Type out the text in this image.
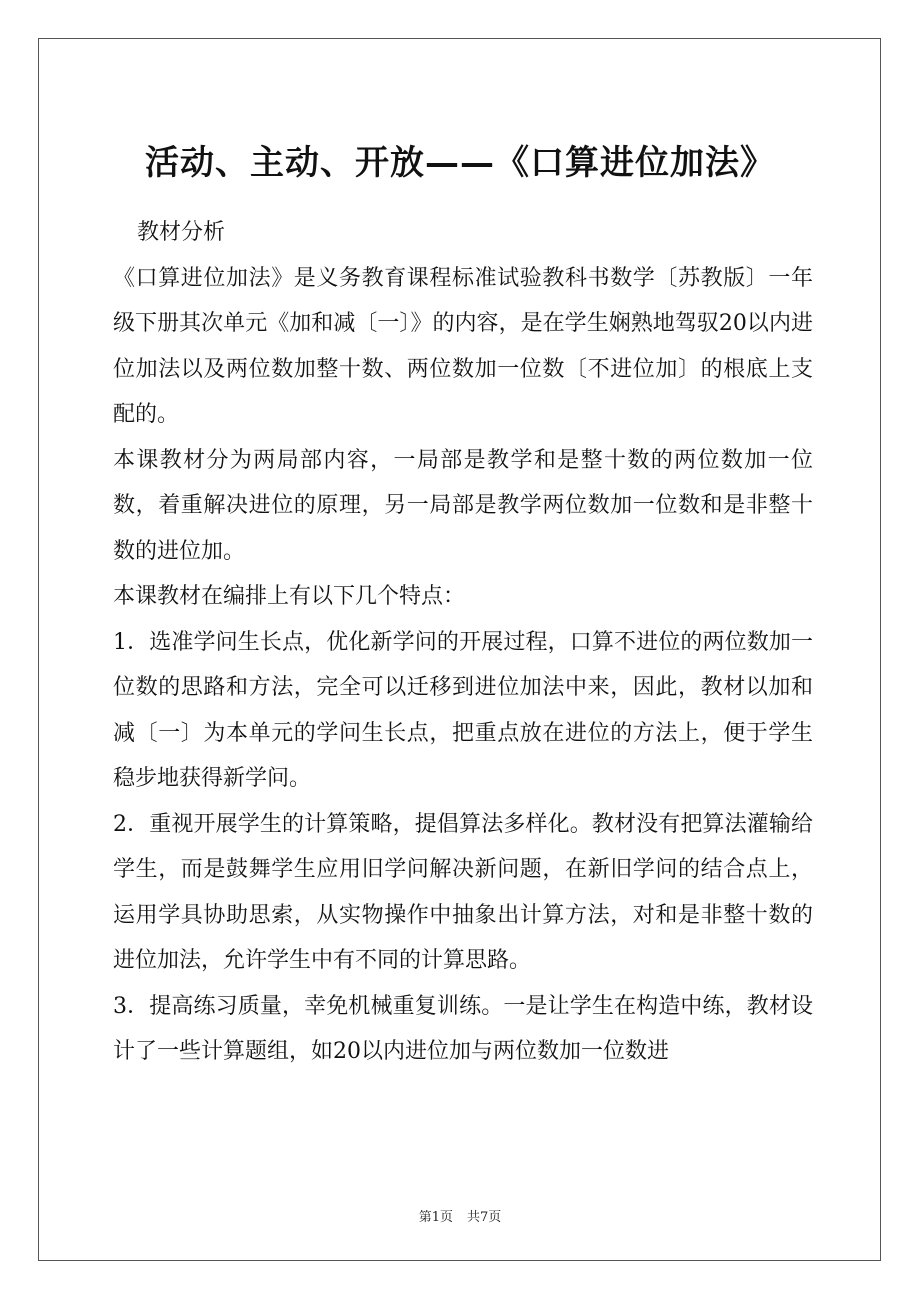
活动、主动、开放——《口算进位加法》

教材分析

《口算进位加法》是义务教育课程标准试验教科书数学〔苏教版〕一年级下册其次单元《加和减〔一〕》的内容，是在学生娴熟地驾驭20以内进位加法以及两位数加整十数、两位数加一位数〔不进位加〕的根底上支配的。

本课教材分为两局部内容，一局部是教学和是整十数的两位数加一位数，着重解决进位的原理，另一局部是教学两位数加一位数和是非整十数的进位加。

本课教材在编排上有以下几个特点：

1．选准学问生长点，优化新学问的开展过程，口算不进位的两位数加一位数的思路和方法，完全可以迁移到进位加法中来，因此，教材以加和减〔一〕为本单元的学问生长点，把重点放在进位的方法上，便于学生稳步地获得新学问。

2．重视开展学生的计算策略，提倡算法多样化。教材没有把算法灌输给学生，而是鼓舞学生应用旧学问解决新问题，在新旧学问的结合点上，运用学具协助思索，从实物操作中抽象出计算方法，对和是非整十数的进位加法，允许学生中有不同的计算思路。

3．提高练习质量，幸免机械重复训练。一是让学生在构造中练，教材设计了一些计算题组，如20以内进位加与两位数加一位数进

第1页 共7页
